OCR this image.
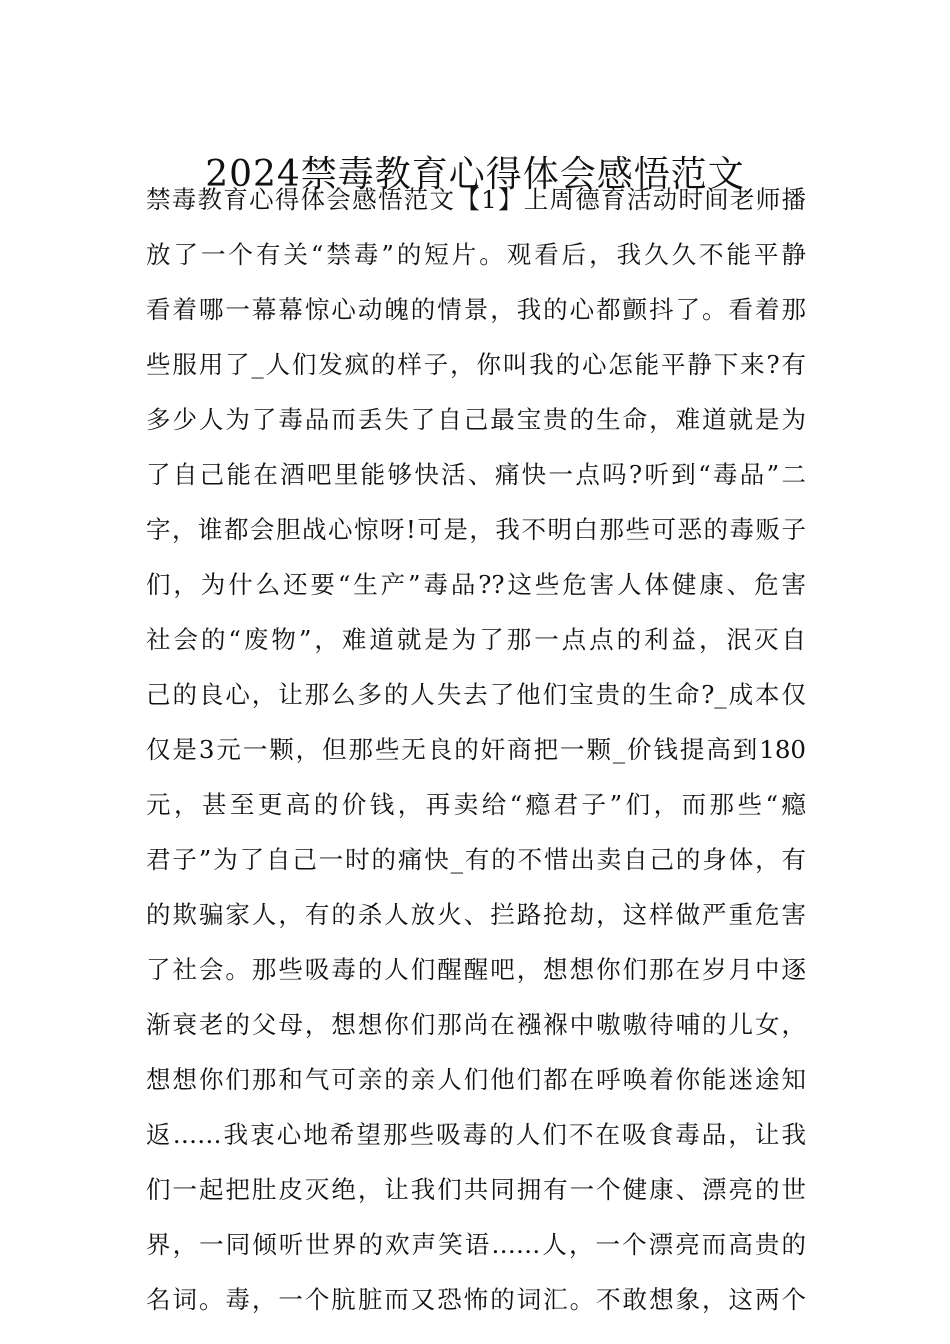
2024禁毒教育心得体会感悟范文
禁毒教育心得体会感悟范文【1】上周德育活动时间老师播
放了一个有关“禁毒”的短片。观看后，我久久不能平静
看着哪一幕幕惊心动魄的情景，我的心都颤抖了。看着那
些服用了_人们发疯的样子，你叫我的心怎能平静下来?有
多少人为了毒品而丢失了自己最宝贵的生命，难道就是为
了自己能在酒吧里能够快活、痛快一点吗?听到“毒品”二
字，谁都会胆战心惊呀!可是，我不明白那些可恶的毒贩子
们，为什么还要“生产”毒品??这些危害人体健康、危害
社会的“废物”，难道就是为了那一点点的利益，泯灭自
己的良心，让那么多的人失去了他们宝贵的生命?_成本仅
仅是3元一颗，但那些无良的奸商把一颗_价钱提高到180
元，甚至更高的价钱，再卖给“瘾君子”们，而那些“瘾
君子”为了自己一时的痛快_有的不惜出卖自己的身体，有
的欺骗家人，有的杀人放火、拦路抢劫，这样做严重危害
了社会。那些吸毒的人们醒醒吧，想想你们那在岁月中逐
渐衰老的父母，想想你们那尚在襁褓中嗷嗷待哺的儿女，
想想你们那和气可亲的亲人们他们都在呼唤着你能迷途知
返……我衷心地希望那些吸毒的人们不在吸食毒品，让我
们一起把肚皮灭绝，让我们共同拥有一个健康、漂亮的世
界，一同倾听世界的欢声笑语……人，一个漂亮而高贵的
名词。毒，一个肮脏而又恐怖的词汇。不敢想象，这两个
